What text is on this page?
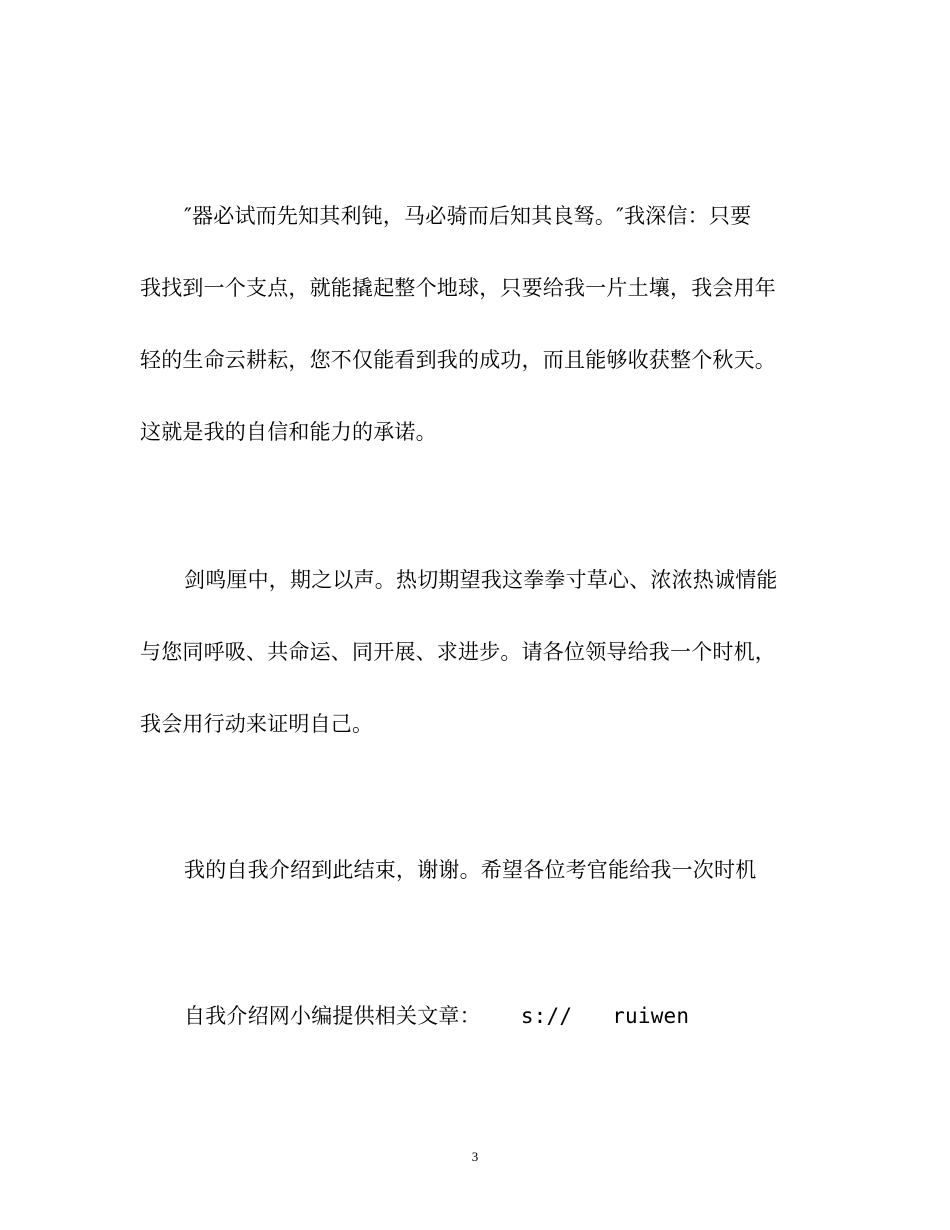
″器必试而先知其利钝，马必骑而后知其良驽。″我深信：只要
我找到一个支点，就能撬起整个地球，只要给我一片土壤，我会用年
轻的生命云耕耘，您不仅能看到我的成功，而且能够收获整个秋天。
这就是我的自信和能力的承诺。
剑鸣厘中，期之以声。热切期望我这拳拳寸草心、浓浓热诚情能
与您同呼吸、共命运、同开展、求进步。请各位领导给我一个时机，
我会用行动来证明自己。
我的自我介绍到此结束，谢谢。希望各位考官能给我一次时机
自我介绍网小编提供相关文章： s:// ruiwen
3
